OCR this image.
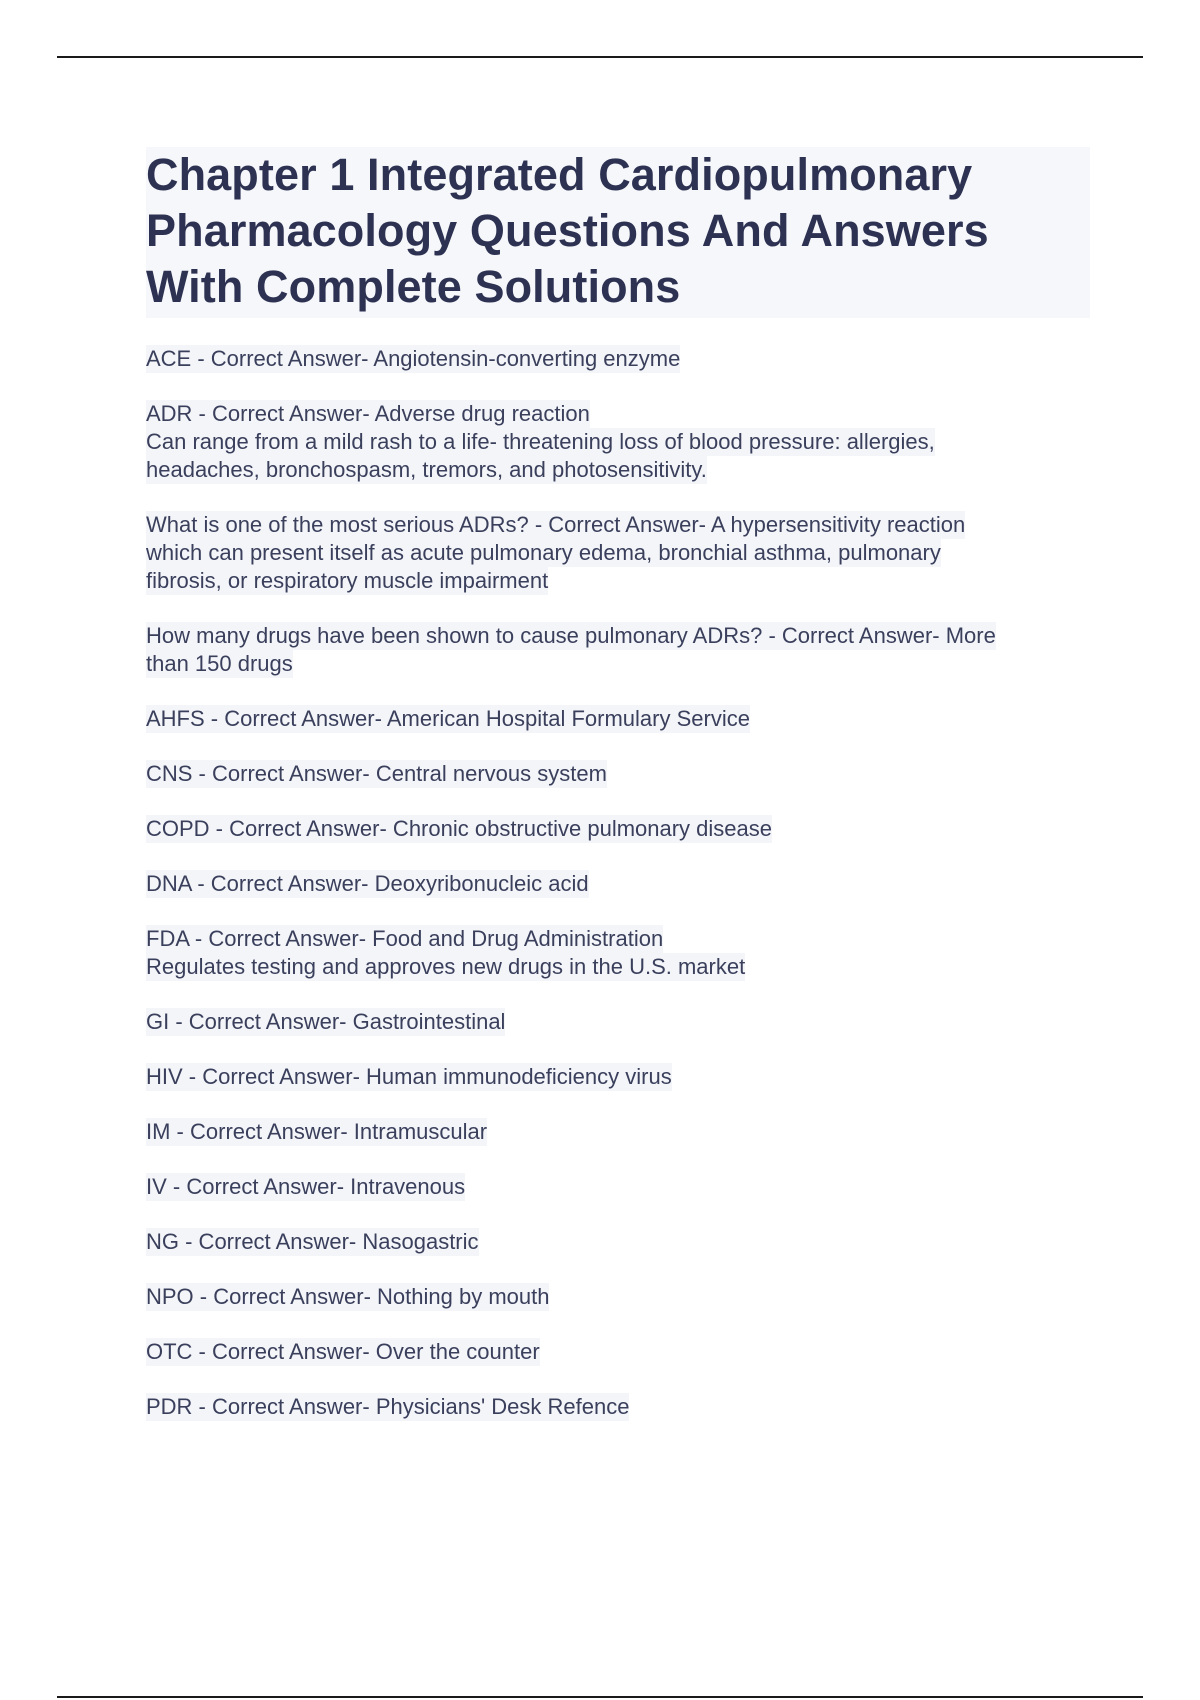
Chapter 1 Integrated Cardiopulmonary Pharmacology Questions And Answers With Complete Solutions

ACE - Correct Answer- Angiotensin-converting enzyme

ADR - Correct Answer- Adverse drug reaction
Can range from a mild rash to a life- threatening loss of blood pressure: allergies,
headaches, bronchospasm, tremors, and photosensitivity.

What is one of the most serious ADRs? - Correct Answer- A hypersensitivity reaction
which can present itself as acute pulmonary edema, bronchial asthma, pulmonary
fibrosis, or respiratory muscle impairment

How many drugs have been shown to cause pulmonary ADRs? - Correct Answer- More
than 150 drugs

AHFS - Correct Answer- American Hospital Formulary Service

CNS - Correct Answer- Central nervous system

COPD - Correct Answer- Chronic obstructive pulmonary disease

DNA - Correct Answer- Deoxyribonucleic acid

FDA - Correct Answer- Food and Drug Administration
Regulates testing and approves new drugs in the U.S. market

GI - Correct Answer- Gastrointestinal

HIV - Correct Answer- Human immunodeficiency virus

IM - Correct Answer- Intramuscular

IV - Correct Answer- Intravenous

NG - Correct Answer- Nasogastric

NPO - Correct Answer- Nothing by mouth

OTC - Correct Answer- Over the counter

PDR - Correct Answer- Physicians' Desk Refence
